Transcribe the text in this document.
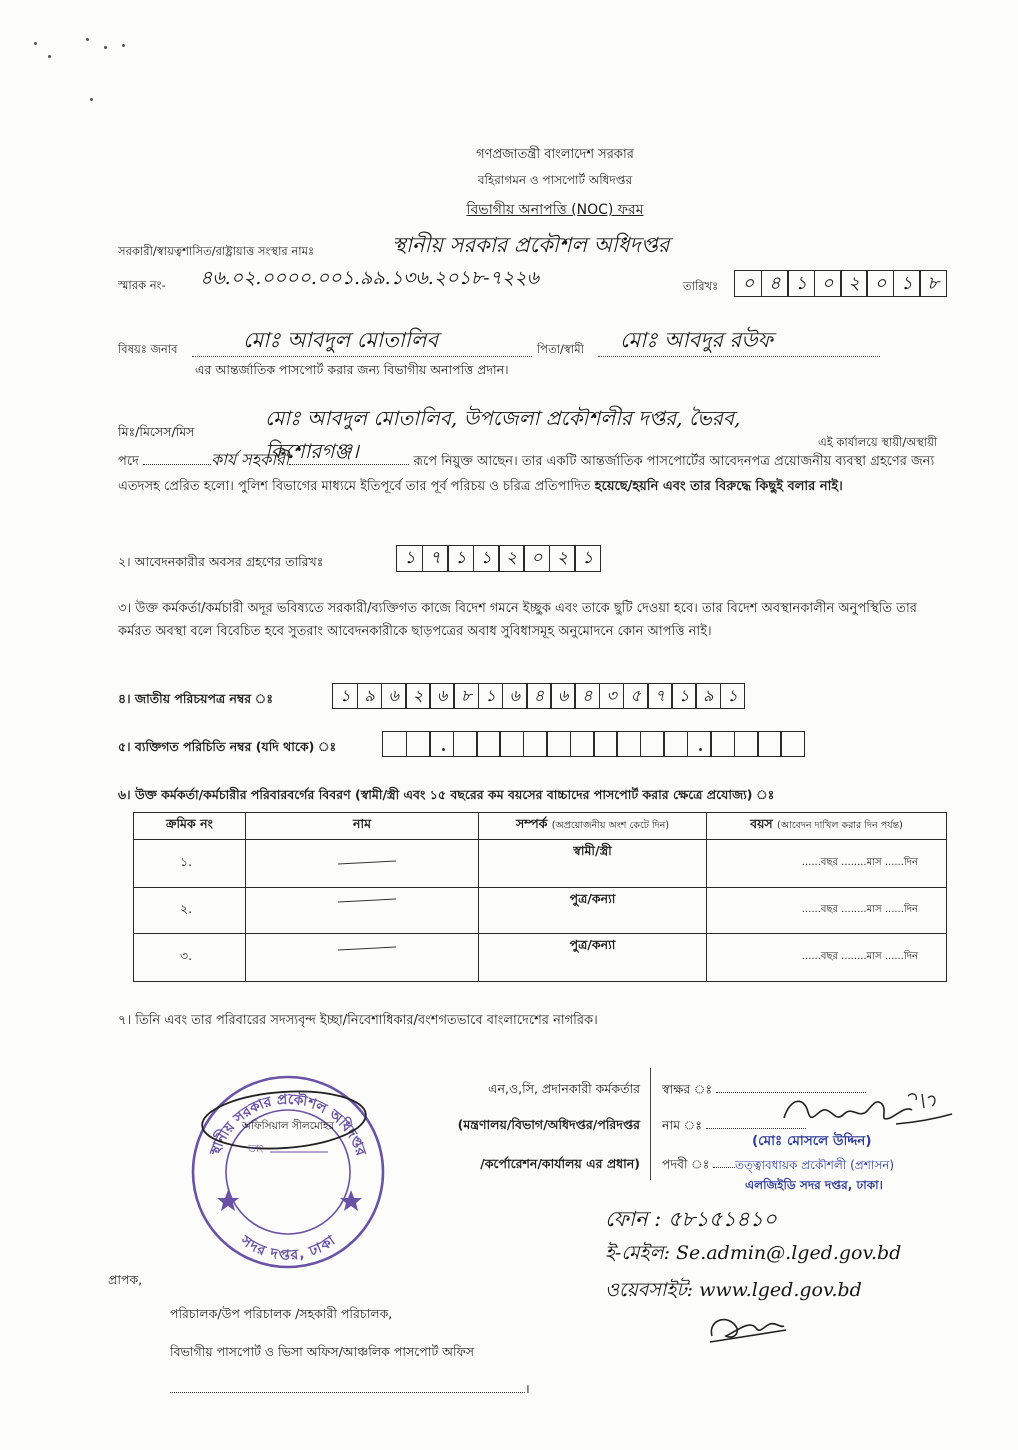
গণপ্রজাতন্ত্রী বাংলাদেশ সরকার
বহিরাগমন ও পাসপোর্ট অধিদপ্তর
বিভাগীয় অনাপত্তি (NOC) ফরম
সরকারী/স্বায়ত্বশাসিত/রাষ্ট্রায়াত্ত সংস্থার নামঃ	স্থানীয় সরকার প্রকৌশল অধিদপ্তর
স্মারক নং- ৪৬.০২.০০০০.০০১.৯৯.১৩৬.২০১৮-৭২২৬	তারিখঃ	০ ৪ ১ ০ ২ ০ ১ ৮
বিষয়ঃ জনাব	মোঃ আবদুল মোতালিব	পিতা/স্বামী মোঃ আবদুর রউফ
এর আন্তর্জাতিক পাসপোর্ট করার জন্য বিভাগীয় অনাপত্তি প্রদান।
মিঃ/মিসেস/মিস
মোঃ আবদুল মোতালিব, উপজেলা প্রকৌশলীর দপ্তর, ভৈরব, কিশোরগঞ্জ।	এই কার্যালয়ে স্থায়ী/অস্থায়ী
পদে	কার্য সহকারী	রূপে নিয়ুক্ত আছেন। তার একটি আন্তর্জাতিক পাসপোর্টের আবেদনপত্র প্রয়োজনীয় ব্যবস্থা গ্রহণের জন্য এতদসহ প্রেরিত হলো। পুলিশ বিভাগের মাধ্যমে ইতিপূর্বে তার পূর্ব পরিচয় ও চরিত্র প্রতিপাদিত হয়েছে/হয়নি এবং তার বিরুদ্ধে কিছুই বলার নাই।
২। আবেদনকারীর অবসর গ্রহণের তারিখঃ	১ ৭ ১ ১ ২ ০ ২ ১
৩। উক্ত কর্মকর্তা/কর্মচারী অদূর ভবিষ্যতে সরকারী/ব্যক্তিগত কাজে বিদেশ গমনে ইচ্ছুক এবং তাকে ছুটি দেওয়া হবে। তার বিদেশ অবস্থানকালীন অনুপস্থিতি তার কর্মরত অবস্থা বলে বিবেচিত হবে সুতরাং আবেদনকারীকে ছাড়পত্রের অবাধ সুবিধাসমূহ অনুমোদনে কোন আপত্তি নাই।
৪। জাতীয় পরিচয়পত্র নম্বর ঃ	১ ৯ ৬ ২ ৬ ৮ ১ ৬ ৪ ৬ ৪ ৩ ৫ ৭ ১ ৯ ১
৫। ব্যক্তিগত পরিচিতি নম্বর (যদি থাকে) ঃ
৬। উক্ত কর্মকর্তা/কর্মচারীর পরিবারবর্গের বিবরণ (স্বামী/স্ত্রী এবং ১৫ বছরের কম বয়সের বাচ্চাদের পাসপোর্ট করার ক্ষেত্রে প্রযোজ্য) ঃ
ক্রমিক নং	নাম	সম্পর্ক (অপ্রয়োজনীয় অংশ কেটে দিন)	বয়স (আবেদন দাখিল করার দিন পর্যন্ত)
১.		স্বামী/স্ত্রী	......বছর ........মাস ......দিন
২.		পুত্র/কন্যা	......বছর ........মাস ......দিন
৩.		পুত্র/কন্যা	......বছর ........মাস ......দিন
৭। তিনি এবং তার পরিবারের সদস্যবৃন্দ ইচ্ছা/নিবেশাধিকার/বংশগতভাবে বাংলাদেশের নাগরিক।
এন,ও,সি, প্রদানকারী কর্মকর্তার
(মন্ত্রণালয়/বিভাগ/অধিদপ্তর/পরিদপ্তর
/কর্পোরেশন/কার্যালয় এর প্রধান)
স্বাক্ষর ঃ
নাম ঃ
পদবী ঃ
(মোঃ মোসলে উদ্দিন)
তত্ত্বাবধায়ক প্রকৌশলী (প্রশাসন)
এলজিইডি সদর দপ্তর, ঢাকা।
স্থানীয় সরকার প্রকৌশল অধিদপ্তর
সদর দপ্তর, ঢাকা
অফিসিয়াল সীলমোহর
তাং
ফোন : ৫৮১৫১৪১০
ই-মেইল: Se.admin@.lged.gov.bd
ওয়েবসাইট: www.lged.gov.bd
প্রাপক,
পরিচালক/উপ পরিচালক /সহকারী পরিচালক,
বিভাগীয় পাসপোর্ট ও ভিসা অফিস/আঞ্চলিক পাসপোর্ট অফিস
।
